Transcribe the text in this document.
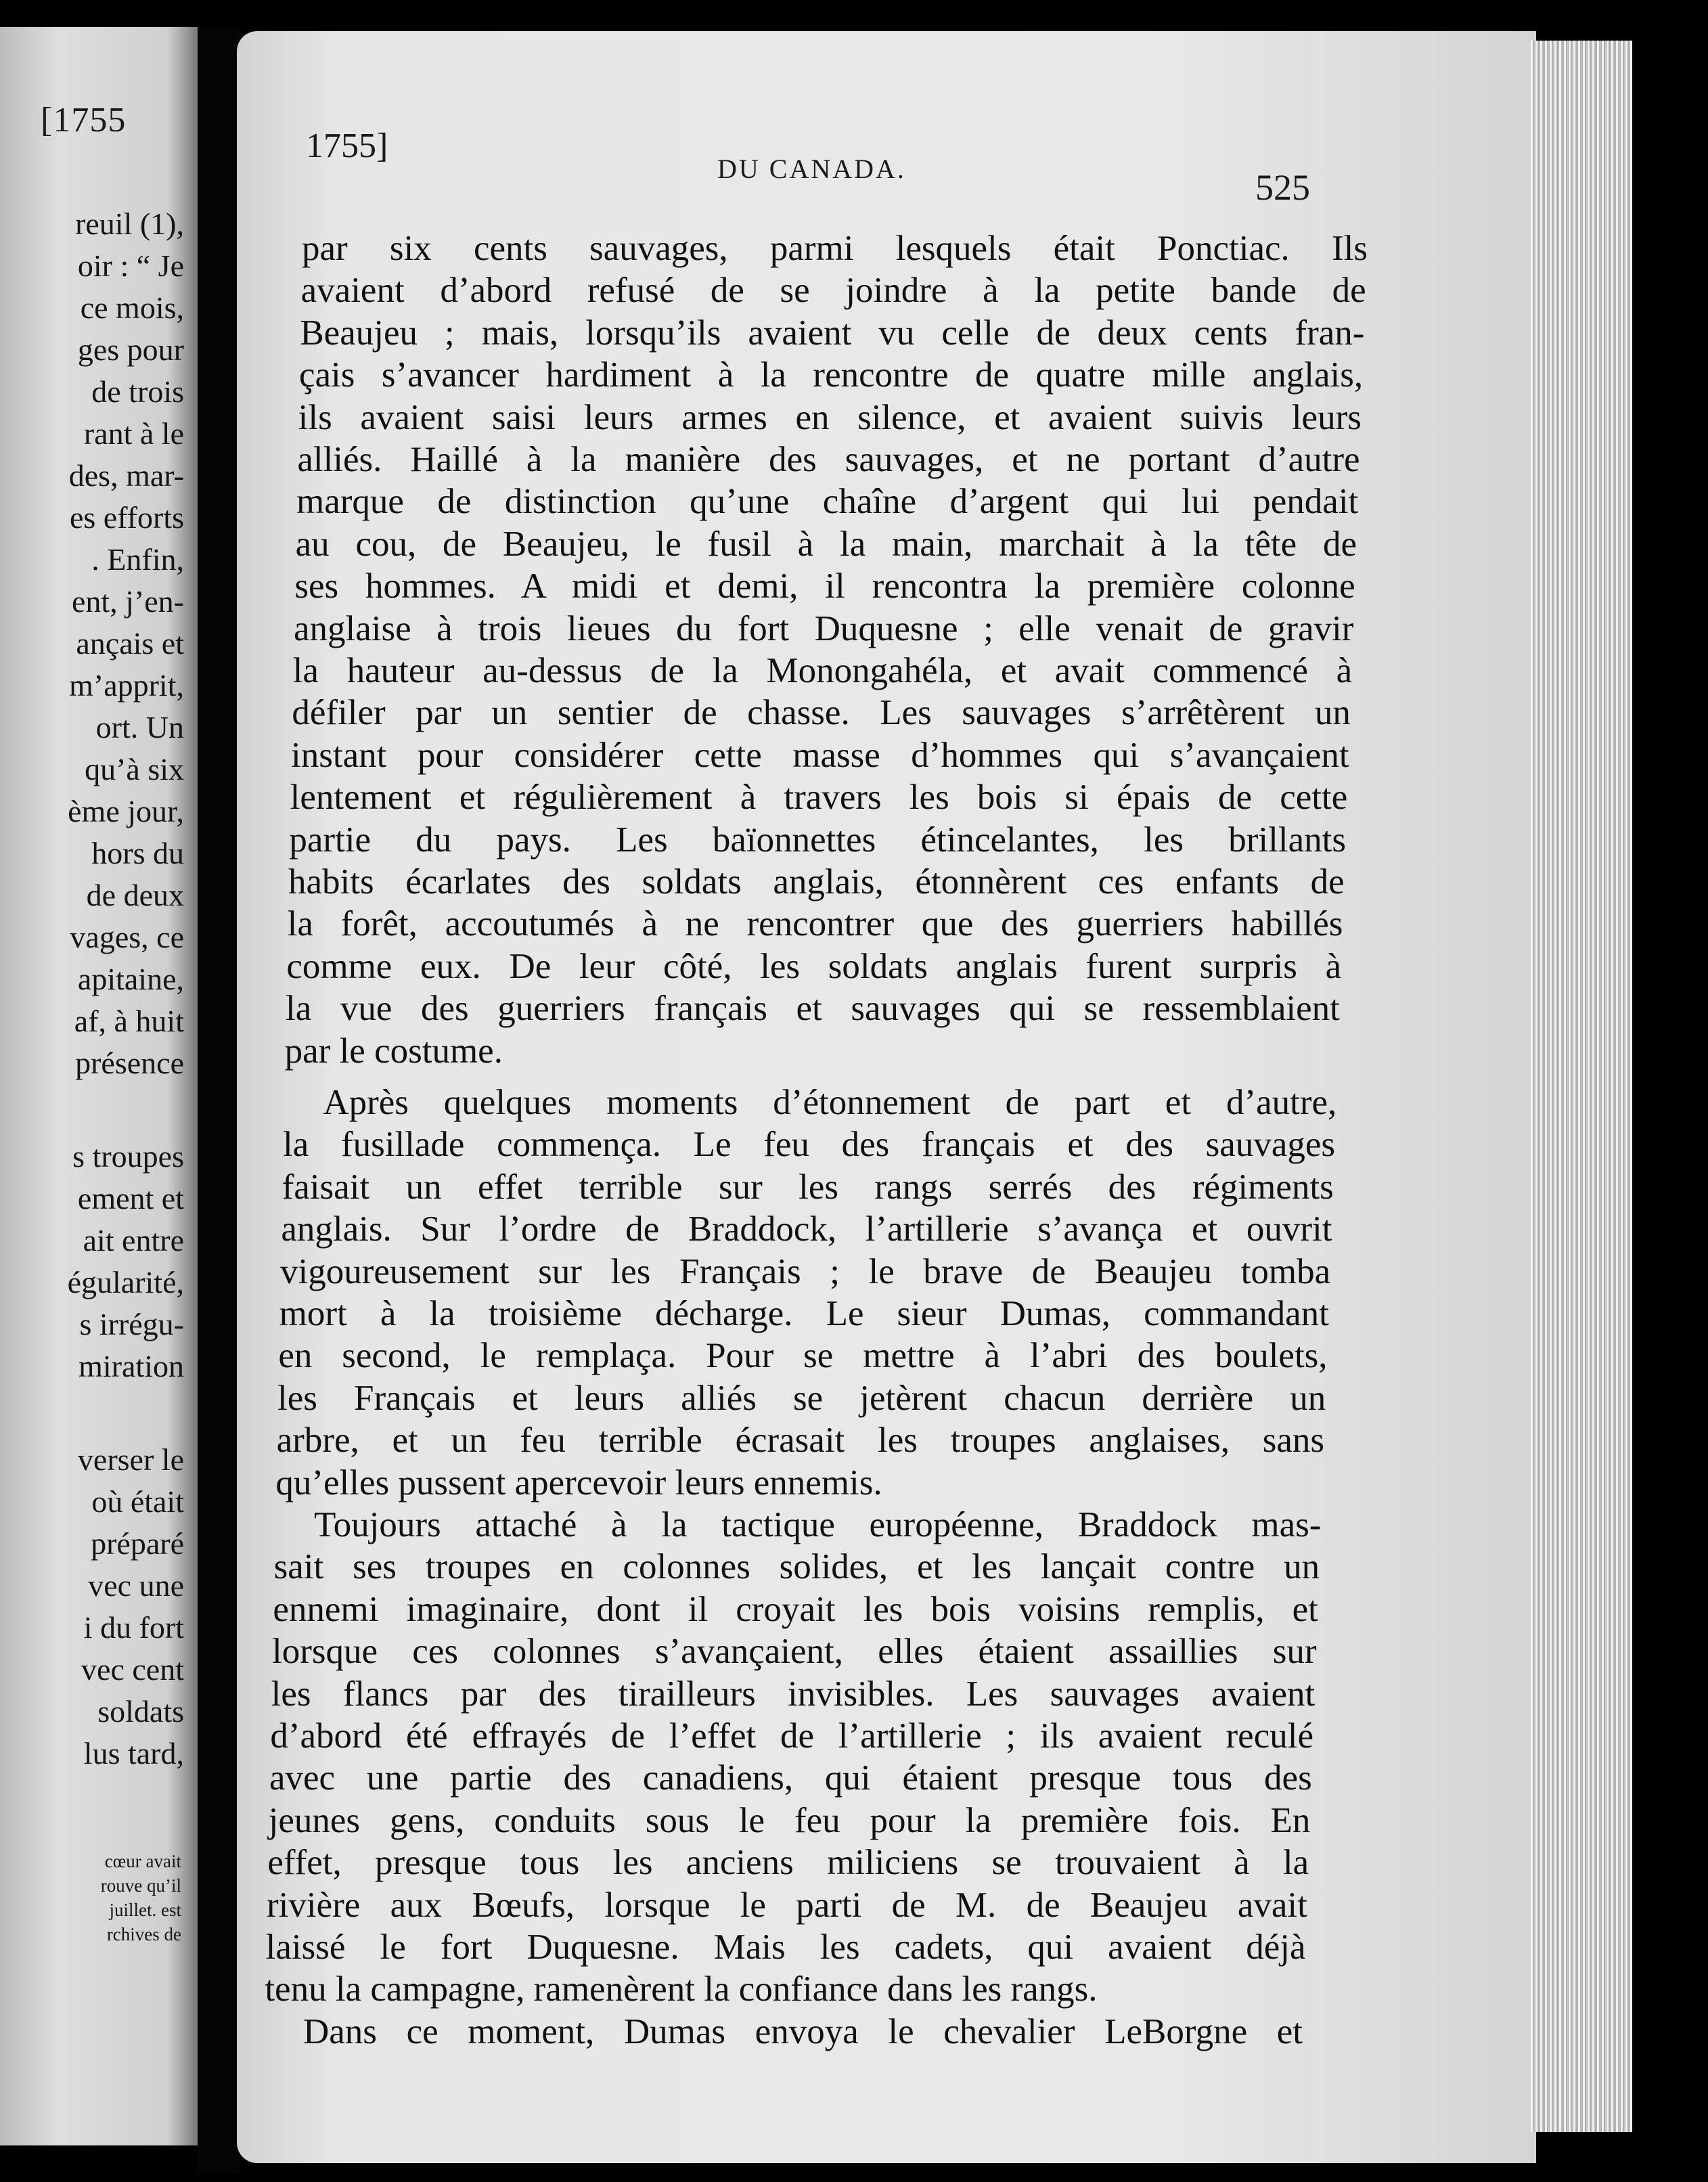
[1755
reuil (1),
oir : “ Je
ce mois,
ges pour
de trois
rant à le
des, mar-
es efforts
. Enfin,
ent, j’en-
ançais et
m’apprit,
ort. Un
qu’à six
ème jour,
hors du
de deux
vages, ce
apitaine,
af, à huit
présence
s troupes
ement et
ait entre
égularité,
s irrégu-
miration
verser le
où était
préparé
vec une
i du fort
vec cent
soldats
lus tard,
cœur avait
rouve qu’il
juillet. est
rchives de
1755]
DU CANADA.	525
par six cents sauvages, parmi lesquels était Ponctiac. Ils
avaient d’abord refusé de se joindre à la petite bande de
Beaujeu ; mais, lorsqu’ils avaient vu celle de deux cents fran-
çais s’avancer hardiment à la rencontre de quatre mille anglais,
ils avaient saisi leurs armes en silence, et avaient suivis leurs
alliés. Haillé à la manière des sauvages, et ne portant d’autre
marque de distinction qu’une chaîne d’argent qui lui pendait
au cou, de Beaujeu, le fusil à la main, marchait à la tête de
ses hommes. A midi et demi, il rencontra la première colonne
anglaise à trois lieues du fort Duquesne ; elle venait de gravir
la hauteur au-dessus de la Monongahéla, et avait commencé à
défiler par un sentier de chasse. Les sauvages s’arrêtèrent un
instant pour considérer cette masse d’hommes qui s’avançaient
lentement et régulièrement à travers les bois si épais de cette
partie du pays. Les baïonnettes étincelantes, les brillants
habits écarlates des soldats anglais, étonnèrent ces enfants de
la forêt, accoutumés à ne rencontrer que des guerriers habillés
comme eux. De leur côté, les soldats anglais furent surpris à
la vue des guerriers français et sauvages qui se ressemblaient
par le costume.
Après quelques moments d’étonnement de part et d’autre,
la fusillade commença. Le feu des français et des sauvages
faisait un effet terrible sur les rangs serrés des régiments
anglais. Sur l’ordre de Braddock, l’artillerie s’avança et ouvrit
vigoureusement sur les Français ; le brave de Beaujeu tomba
mort à la troisième décharge. Le sieur Dumas, commandant
en second, le remplaça. Pour se mettre à l’abri des boulets,
les Français et leurs alliés se jetèrent chacun derrière un
arbre, et un feu terrible écrasait les troupes anglaises, sans
qu’elles pussent apercevoir leurs ennemis.
Toujours attaché à la tactique européenne, Braddock mas-
sait ses troupes en colonnes solides, et les lançait contre un
ennemi imaginaire, dont il croyait les bois voisins remplis, et
lorsque ces colonnes s’avançaient, elles étaient assaillies sur
les flancs par des tirailleurs invisibles. Les sauvages avaient
d’abord été effrayés de l’effet de l’artillerie ; ils avaient reculé
avec une partie des canadiens, qui étaient presque tous des
jeunes gens, conduits sous le feu pour la première fois. En
effet, presque tous les anciens miliciens se trouvaient à la
rivière aux Bœufs, lorsque le parti de M. de Beaujeu avait
laissé le fort Duquesne. Mais les cadets, qui avaient déjà
tenu la campagne, ramenèrent la confiance dans les rangs.
Dans ce moment, Dumas envoya le chevalier LeBorgne et
